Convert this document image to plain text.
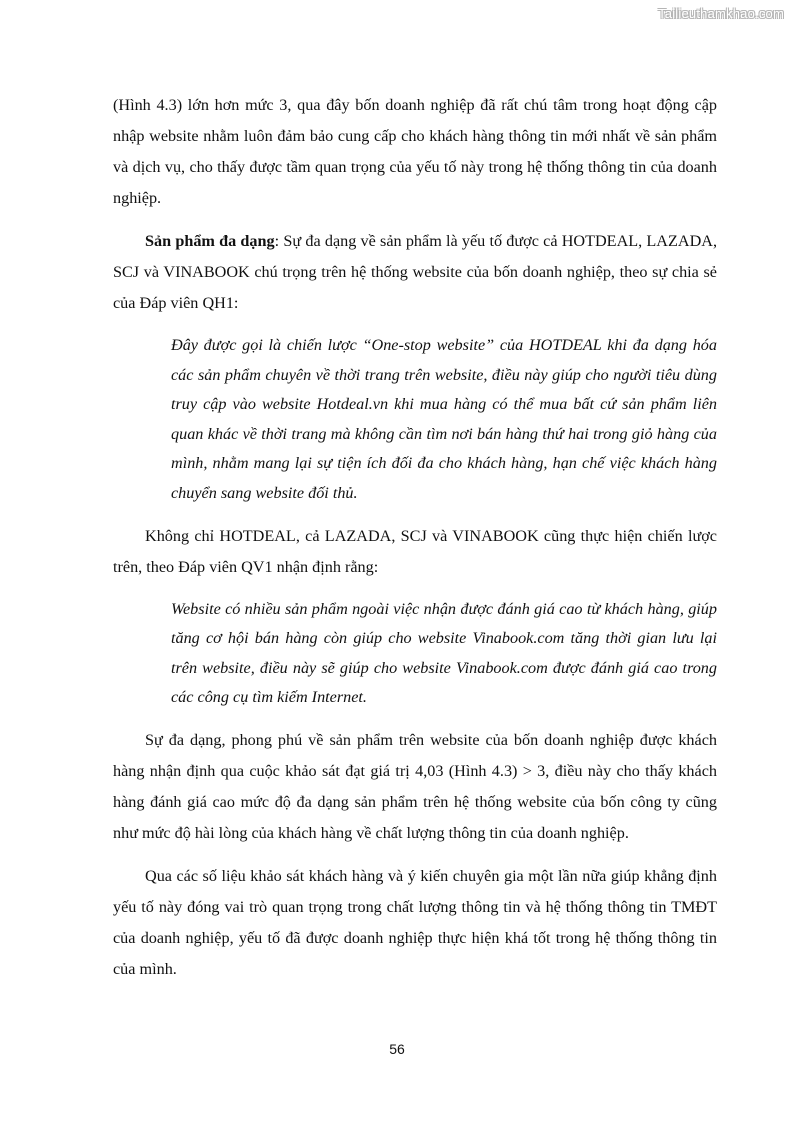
Tailieuthamkhao.com

(Hình 4.3) lớn hơn mức 3, qua đây bốn doanh nghiệp đã rất chú tâm trong hoạt động cập nhập website nhằm luôn đảm bảo cung cấp cho khách hàng thông tin mới nhất về sản phẩm và dịch vụ, cho thấy được tầm quan trọng của yếu tố này trong hệ thống thông tin của doanh nghiệp.

Sản phẩm đa dạng: Sự đa dạng về sản phẩm là yếu tố được cả HOTDEAL, LAZADA, SCJ và VINABOOK chú trọng trên hệ thống website của bốn doanh nghiệp, theo sự chia sẻ của Đáp viên QH1:

Đây được gọi là chiến lược “One-stop website” của HOTDEAL khi đa dạng hóa các sản phẩm chuyên về thời trang trên website, điều này giúp cho người tiêu dùng truy cập vào website Hotdeal.vn khi mua hàng có thể mua bất cứ sản phẩm liên quan khác về thời trang mà không cần tìm nơi bán hàng thứ hai trong giỏ hàng của mình, nhằm mang lại sự tiện ích đối đa cho khách hàng, hạn chế việc khách hàng chuyển sang website đối thủ.

Không chỉ HOTDEAL, cả LAZADA, SCJ và VINABOOK cũng thực hiện chiến lược trên, theo Đáp viên QV1 nhận định rằng:

Website có nhiều sản phẩm ngoài việc nhận được đánh giá cao từ khách hàng, giúp tăng cơ hội bán hàng còn giúp cho website Vinabook.com tăng thời gian lưu lại trên website, điều này sẽ giúp cho website Vinabook.com được đánh giá cao trong các công cụ tìm kiếm Internet.

Sự đa dạng, phong phú về sản phẩm trên website của bốn doanh nghiệp được khách hàng nhận định qua cuộc khảo sát đạt giá trị 4,03 (Hình 4.3) > 3, điều này cho thấy khách hàng đánh giá cao mức độ đa dạng sản phẩm trên hệ thống website của bốn công ty cũng như mức độ hài lòng của khách hàng về chất lượng thông tin của doanh nghiệp.

Qua các số liệu khảo sát khách hàng và ý kiến chuyên gia một lần nữa giúp khẳng định yếu tố này đóng vai trò quan trọng trong chất lượng thông tin và hệ thống thông tin TMĐT của doanh nghiệp, yếu tố đã được doanh nghiệp thực hiện khá tốt trong hệ thống thông tin của mình.

56
